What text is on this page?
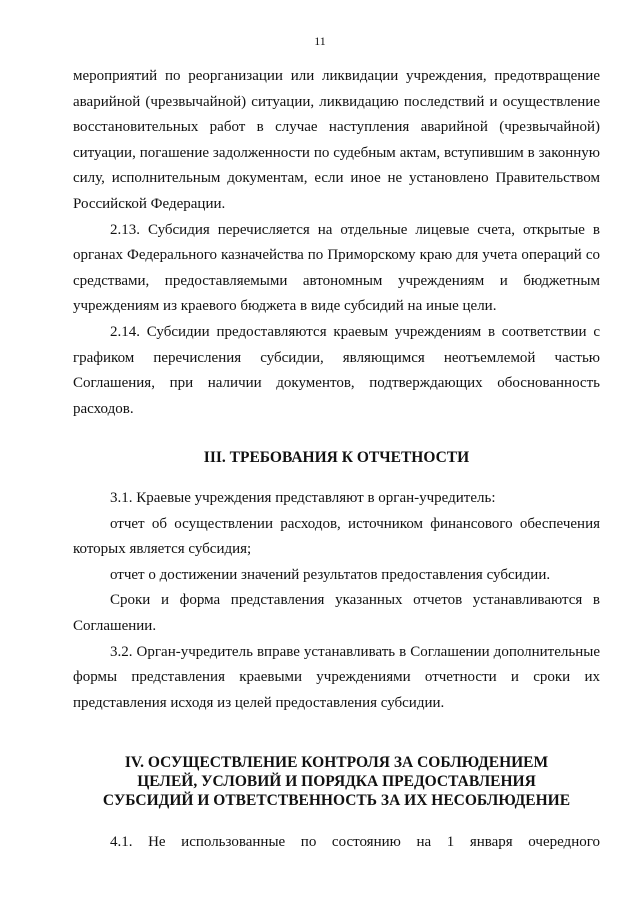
11

мероприятий по реорганизации или ликвидации учреждения, предотвращение аварийной (чрезвычайной) ситуации, ликвидацию последствий и осуществление восстановительных работ в случае наступления аварийной (чрезвычайной) ситуации, погашение задолженности по судебным актам, вступившим в законную силу, исполнительным документам, если иное не установлено Правительством Российской Федерации.

2.13. Субсидия перечисляется на отдельные лицевые счета, открытые в органах Федерального казначейства по Приморскому краю для учета операций со средствами, предоставляемыми автономным учреждениям и бюджетным учреждениям из краевого бюджета в виде субсидий на иные цели.

2.14. Субсидии предоставляются краевым учреждениям в соответствии с графиком перечисления субсидии, являющимся неотъемлемой частью Соглашения, при наличии документов, подтверждающих обоснованность расходов.

III. ТРЕБОВАНИЯ К ОТЧЕТНОСТИ

3.1. Краевые учреждения представляют в орган-учредитель:

отчет об осуществлении расходов, источником финансового обеспечения которых является субсидия;

отчет о достижении значений результатов предоставления субсидии.

Сроки и форма представления указанных отчетов устанавливаются в Соглашении.

3.2. Орган-учредитель вправе устанавливать в Соглашении дополнительные формы представления краевыми учреждениями отчетности и сроки их представления исходя из целей предоставления субсидии.

IV. ОСУЩЕСТВЛЕНИЕ КОНТРОЛЯ ЗА СОБЛЮДЕНИЕМ
ЦЕЛЕЙ, УСЛОВИЙ И ПОРЯДКА ПРЕДОСТАВЛЕНИЯ
СУБСИДИЙ И ОТВЕТСТВЕННОСТЬ ЗА ИХ НЕСОБЛЮДЕНИЕ

4.1. Не использованные по состоянию на 1 января очередного
